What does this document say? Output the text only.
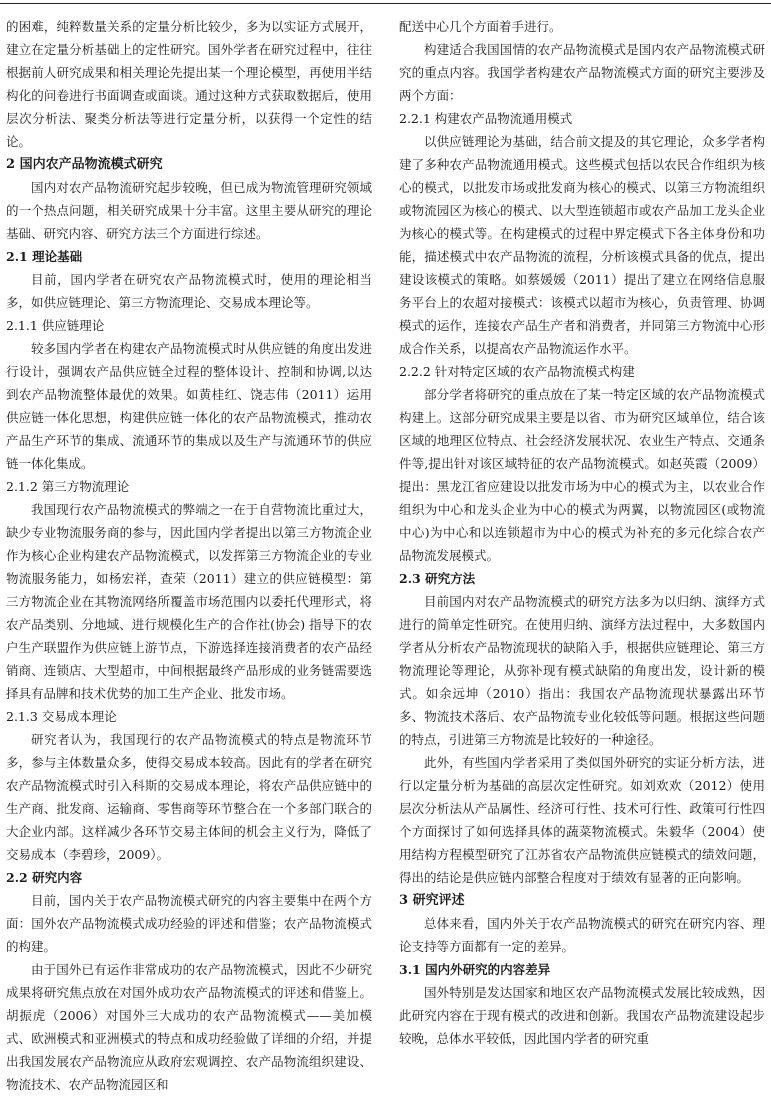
的困难，纯粹数量关系的定量分析比较少，多为以实证方式展开，建立在定量分析基础上的定性研究。国外学者在研究过程中，往往根据前人研究成果和相关理论先提出某一个理论模型，再使用半结构化的问卷进行书面调查或面谈。通过这种方式获取数据后，使用层次分析法、聚类分析法等进行定量分析，以获得一个定性的结论。

2 国内农产品物流模式研究

国内对农产品物流研究起步较晚，但已成为物流管理研究领域的一个热点问题，相关研究成果十分丰富。这里主要从研究的理论基础、研究内容、研究方法三个方面进行综述。

2.1 理论基础

目前，国内学者在研究农产品物流模式时，使用的理论相当多，如供应链理论、第三方物流理论、交易成本理论等。

2.1.1 供应链理论

较多国内学者在构建农产品物流模式时从供应链的角度出发进行设计，强调农产品供应链全过程的整体设计、控制和协调,以达到农产品物流整体最优的效果。如黄桂红、饶志伟（2011）运用供应链一体化思想，构建供应链一体化的农产品物流模式，推动农产品生产环节的集成、流通环节的集成以及生产与流通环节的供应链一体化集成。

2.1.2 第三方物流理论

我国现行农产品物流模式的弊端之一在于自营物流比重过大，缺少专业物流服务商的参与，因此国内学者提出以第三方物流企业作为核心企业构建农产品物流模式，以发挥第三方物流企业的专业物流服务能力，如杨宏祥，查荣（2011）建立的供应链模型：第三方物流企业在其物流网络所覆盖市场范围内以委托代理形式，将农产品类别、分地域、进行规模化生产的合作社(协会) 指导下的农户生产联盟作为供应链上游节点，下游选择连接消费者的农产品经销商、连锁店、大型超市，中间根据最终产品形成的业务链需要选择具有品牌和技术优势的加工生产企业、批发市场。

2.1.3 交易成本理论

研究者认为，我国现行的农产品物流模式的特点是物流环节多，参与主体数量众多，使得交易成本较高。因此有的学者在研究农产品物流模式时引入科斯的交易成本理论，将农产品供应链中的生产商、批发商、运输商、零售商等环节整合在一个多部门联合的大企业内部。这样减少各环节交易主体间的机会主义行为，降低了交易成本（李碧珍，2009）。

2.2 研究内容

目前，国内关于农产品物流模式研究的内容主要集中在两个方面：国外农产品物流模式成功经验的评述和借鉴；农产品物流模式的构建。

由于国外已有运作非常成功的农产品物流模式，因此不少研究成果将研究焦点放在对国外成功农产品物流模式的评述和借鉴上。胡振虎（2006）对国外三大成功的农产品物流模式——美加模式、欧洲模式和亚洲模式的特点和成功经验做了详细的介绍，并提出我国发展农产品物流应从政府宏观调控、农产品物流组织建设、物流技术、农产品物流园区和

配送中心几个方面着手进行。

构建适合我国国情的农产品物流模式是国内农产品物流模式研究的重点内容。我国学者构建农产品物流模式方面的研究主要涉及两个方面：

2.2.1 构建农产品物流通用模式

以供应链理论为基础，结合前文提及的其它理论，众多学者构建了多种农产品物流通用模式。这些模式包括以农民合作组织为核心的模式，以批发市场或批发商为核心的模式、以第三方物流组织或物流园区为核心的模式、以大型连锁超市或农产品加工龙头企业为核心的模式等。在构建模式的过程中界定模式下各主体身份和功能，描述模式中农产品物流的流程，分析该模式具备的优点，提出建设该模式的策略。如蔡媛媛（2011）提出了建立在网络信息服务平台上的农超对接模式：该模式以超市为核心，负责管理、协调模式的运作，连接农产品生产者和消费者，并同第三方物流中心形成合作关系，以提高农产品物流运作水平。

2.2.2 针对特定区域的农产品物流模式构建

部分学者将研究的重点放在了某一特定区域的农产品物流模式构建上。这部分研究成果主要是以省、市为研究区域单位，结合该区域的地理区位特点、社会经济发展状况、农业生产特点、交通条件等,提出针对该区域特征的农产品物流模式。如赵英霞（2009）提出：黑龙江省应建设以批发市场为中心的模式为主，以农业合作组织为中心和龙头企业为中心的模式为两翼，以物流园区(或物流中心)为中心和以连锁超市为中心的模式为补充的多元化综合农产品物流发展模式。

2.3 研究方法

目前国内对农产品物流模式的研究方法多为以归纳、演绎方式进行的简单定性研究。在使用归纳、演绎方法过程中，大多数国内学者从分析农产品物流现状的缺陷入手，根据供应链理论、第三方物流理论等理论，从弥补现有模式缺陷的角度出发，设计新的模式。如余远坤（2010）指出：我国农产品物流现状暴露出环节多、物流技术落后、农产品物流专业化较低等问题。根据这些问题的特点，引进第三方物流是比较好的一种途径。

此外，有些国内学者采用了类似国外研究的实证分析方法，进行以定量分析为基础的高层次定性研究。如刘欢欢（2012）使用层次分析法从产品属性、经济可行性、技术可行性、政策可行性四个方面探讨了如何选择具体的蔬菜物流模式。朱毅华（2004）使用结构方程模型研究了江苏省农产品物流供应链模式的绩效问题，得出的结论是供应链内部整合程度对于绩效有显著的正向影响。

3 研究评述

总体来看，国内外关于农产品物流模式的研究在研究内容、理论支持等方面都有一定的差异。

3.1 国内外研究的内容差异

国外特别是发达国家和地区农产品物流模式发展比较成熟，因此研究内容在于现有模式的改进和创新。我国农产品物流建设起步较晚，总体水平较低，因此国内学者的研究重
